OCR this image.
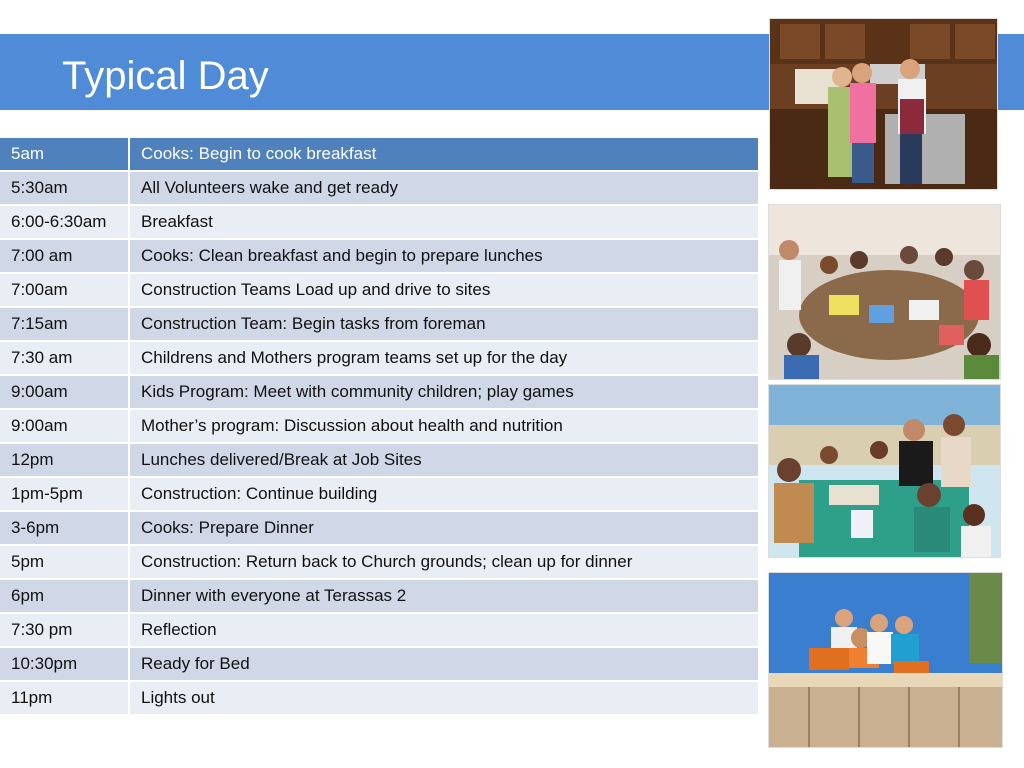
Typical Day
5am	Cooks: Begin to cook breakfast
5:30am	All Volunteers wake and get ready
6:00-6:30am	Breakfast
7:00 am	Cooks: Clean breakfast and begin to prepare lunches
7:00am	Construction Teams Load up and drive to sites
7:15am	Construction Team: Begin tasks from foreman
7:30 am	Childrens and Mothers program teams set up for the day
9:00am	Kids Program: Meet with community children; play games
9:00am	Mother’s program: Discussion about health and nutrition
12pm	Lunches delivered/Break at Job Sites
1pm-5pm	Construction: Continue building
3-6pm	Cooks: Prepare Dinner
5pm	Construction: Return back to Church grounds; clean up for dinner
6pm	Dinner with everyone at Terassas 2
7:30 pm	Reflection
10:30pm	Ready for Bed
11pm	Lights out
